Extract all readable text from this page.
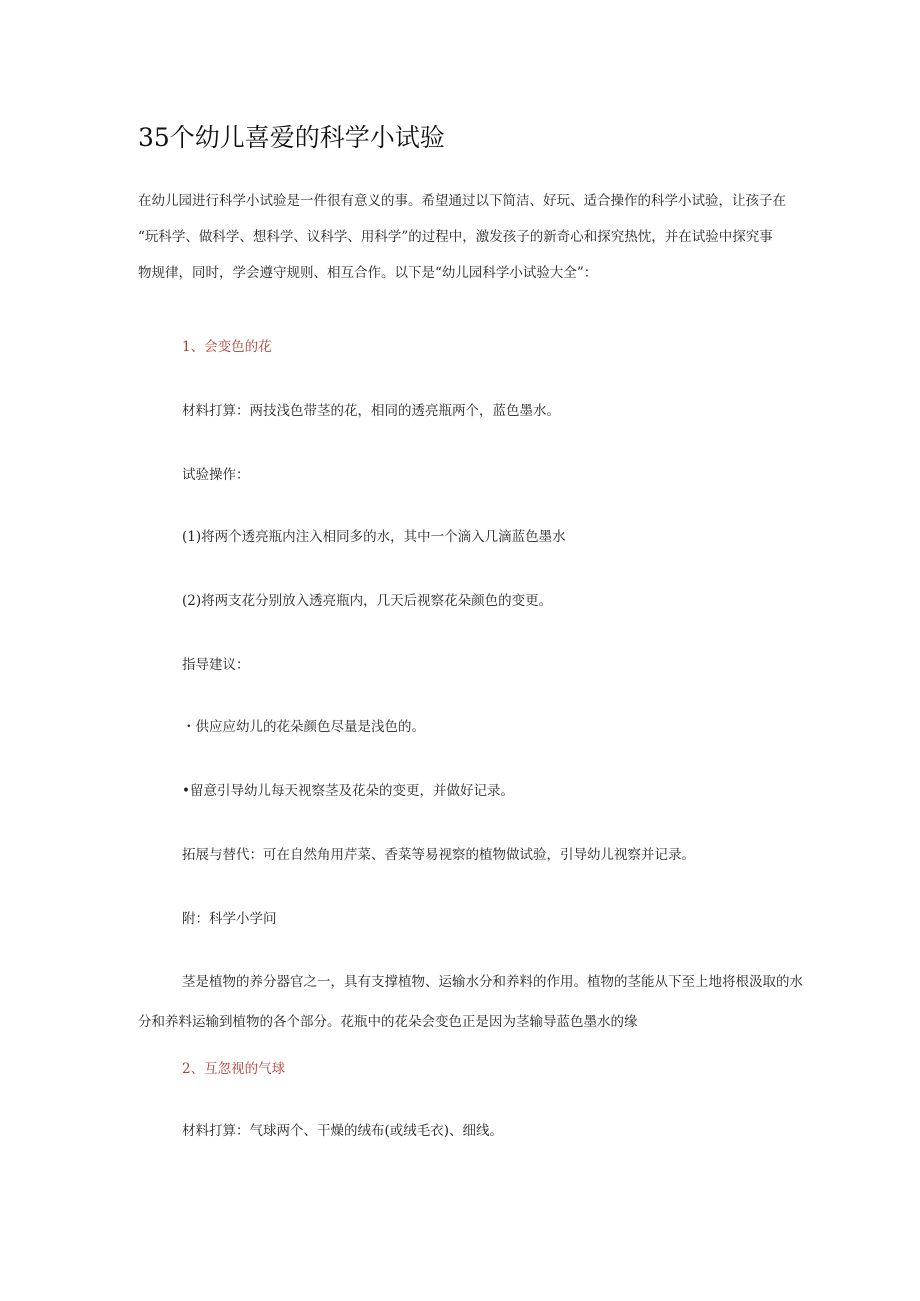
35个幼儿喜爱的科学小试验

在幼儿园进行科学小试验是一件很有意义的事。希望通过以下简洁、好玩、适合操作的科学小试验，让孩子在
“玩科学、做科学、想科学、议科学、用科学”的过程中，激发孩子的新奇心和探究热忱，并在试验中探究事
物规律，同时，学会遵守规则、相互合作。以下是“幼儿园科学小试验大全”：

1、会变色的花

材料打算：两技浅色带茎的花，相同的透亮瓶两个，蓝色墨水。

试验操作：

(1)将两个透亮瓶内注入相同多的水，其中一个滴入几滴蓝色墨水

(2)将两支花分别放入透亮瓶内，几天后视察花朵颜色的变更。

指导建议：

・供应应幼儿的花朵颜色尽量是浅色的。

•留意引导幼儿每天视察茎及花朵的变更，并做好记录。

拓展与替代：可在自然角用芹菜、香菜等易视察的植物做试验，引导幼儿视察并记录。

附：科学小学问

茎是植物的养分器官之一，具有支撑植物、运输水分和养料的作用。植物的茎能从下至上地将根汲取的水
分和养料运输到植物的各个部分。花瓶中的花朵会变色正是因为茎输导蓝色墨水的缘

2、互忽视的气球

材料打算：气球两个、干燥的绒布(或绒毛衣)、细线。
